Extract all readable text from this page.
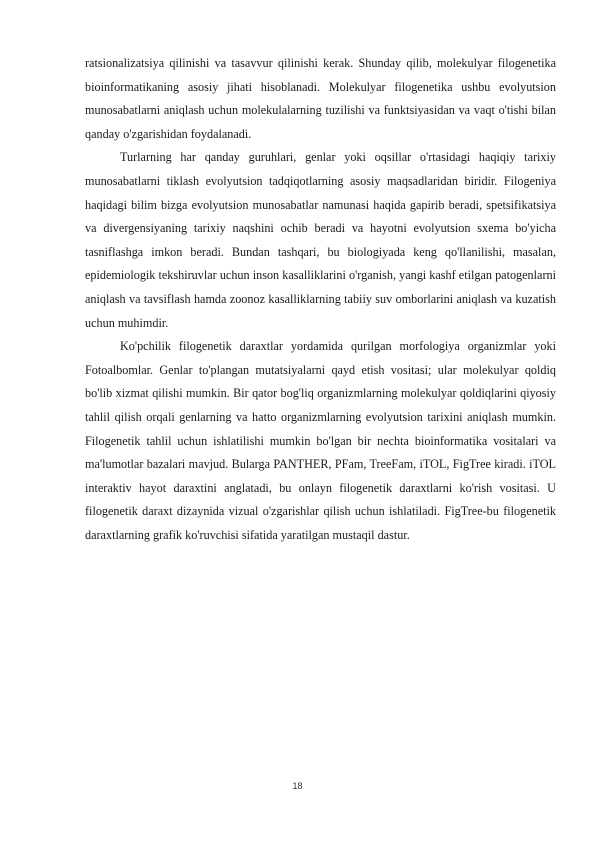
ratsionalizatsiya qilinishi va tasavvur qilinishi kerak. Shunday qilib, molekulyar filogenetika bioinformatikaning asosiy jihati hisoblanadi. Molekulyar filogenetika ushbu evolyutsion munosabatlarni aniqlash uchun molekulalarning tuzilishi va funktsiyasidan va vaqt o'tishi bilan qanday o'zgarishidan foydalanadi.

Turlarning har qanday guruhlari, genlar yoki oqsillar o'rtasidagi haqiqiy tarixiy munosabatlarni tiklash evolyutsion tadqiqotlarning asosiy maqsadlaridan biridir. Filogeniya haqidagi bilim bizga evolyutsion munosabatlar namunasi haqida gapirib beradi, spetsifikatsiya va divergensiyaning tarixiy naqshini ochib beradi va hayotni evolyutsion sxema bo'yicha tasniflashga imkon beradi. Bundan tashqari, bu biologiyada keng qo'llanilishi, masalan, epidemiologik tekshiruvlar uchun inson kasalliklarini o'rganish, yangi kashf etilgan patogenlarni aniqlash va tavsiflash hamda zoonoz kasalliklarning tabiiy suv omborlarini aniqlash va kuzatish uchun muhimdir.

Ko'pchilik filogenetik daraxtlar yordamida qurilgan morfologiya organizmlar yoki Fotoalbomlar. Genlar to'plangan mutatsiyalarni qayd etish vositasi; ular molekulyar qoldiq bo'lib xizmat qilishi mumkin. Bir qator bog'liq organizmlarning molekulyar qoldiqlarini qiyosiy tahlil qilish orqali genlarning va hatto organizmlarning evolyutsion tarixini aniqlash mumkin. Filogenetik tahlil uchun ishlatilishi mumkin bo'lgan bir nechta bioinformatika vositalari va ma'lumotlar bazalari mavjud. Bularga PANTHER, PFam, TreeFam, iTOL, FigTree kiradi. iTOL interaktiv hayot daraxtini anglatadi, bu onlayn filogenetik daraxtlarni ko'rish vositasi. U filogenetik daraxt dizaynida vizual o'zgarishlar qilish uchun ishlatiladi. FigTree-bu filogenetik daraxtlarning grafik ko'ruvchisi sifatida yaratilgan mustaqil dastur.

18
